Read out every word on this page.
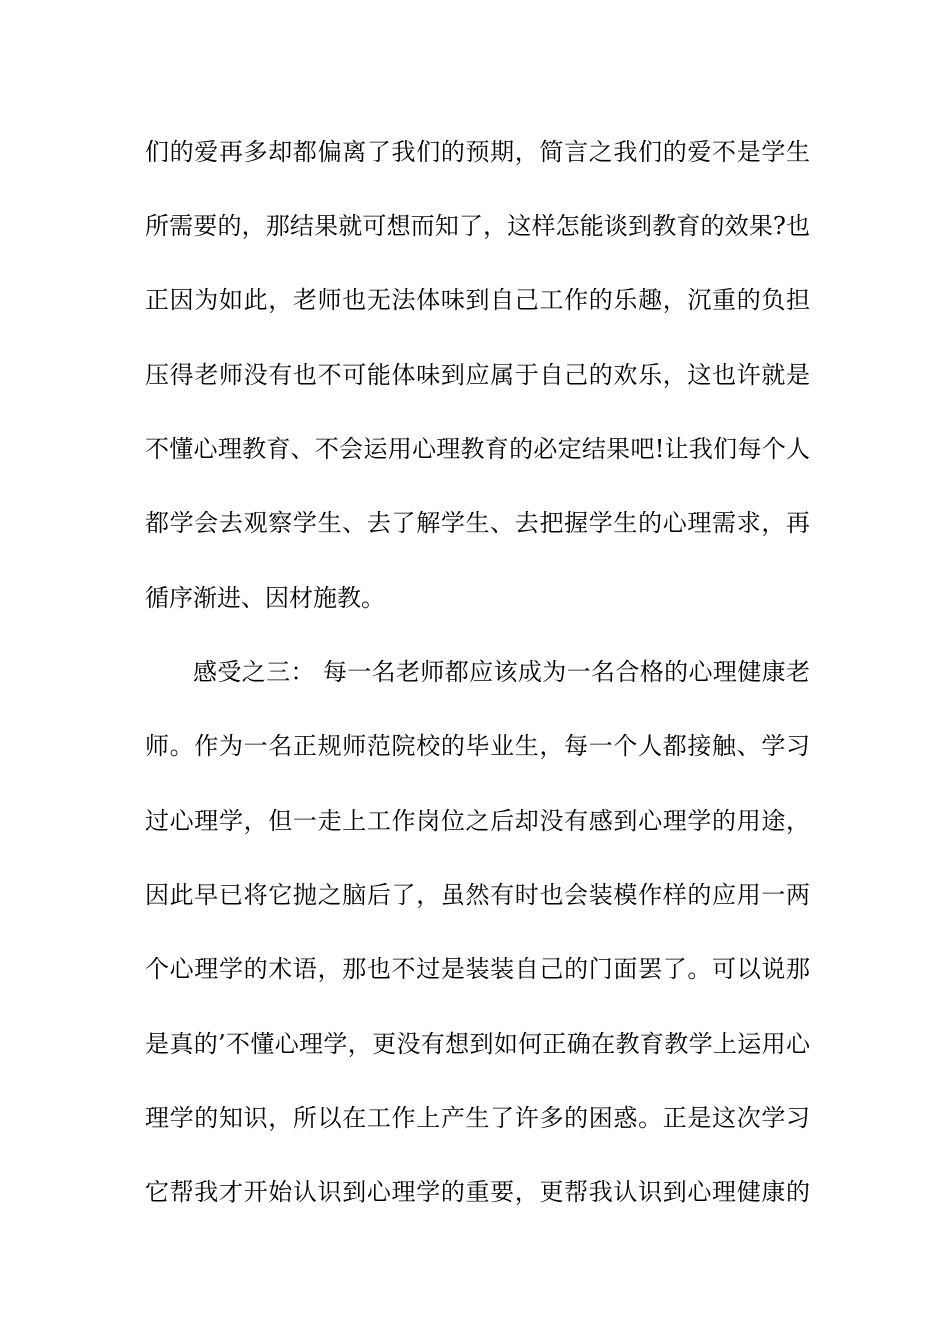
们的爱再多却都偏离了我们的预期，简言之我们的爱不是学生
所需要的，那结果就可想而知了，这样怎能谈到教育的效果?也
正因为如此，老师也无法体味到自己工作的乐趣，沉重的负担
压得老师没有也不可能体味到应属于自己的欢乐，这也许就是
不懂心理教育、不会运用心理教育的必定结果吧!让我们每个人
都学会去观察学生、去了解学生、去把握学生的心理需求，再
循序渐进、因材施教。
感受之三： 每一名老师都应该成为一名合格的心理健康老
师。作为一名正规师范院校的毕业生，每一个人都接触、学习
过心理学，但一走上工作岗位之后却没有感到心理学的用途，
因此早已将它抛之脑后了，虽然有时也会装模作样的应用一两
个心理学的术语，那也不过是装装自己的门面罢了。可以说那
是真的’不懂心理学，更没有想到如何正确在教育教学上运用心
理学的知识，所以在工作上产生了许多的困惑。正是这次学习
它帮我才开始认识到心理学的重要，更帮我认识到心理健康的
